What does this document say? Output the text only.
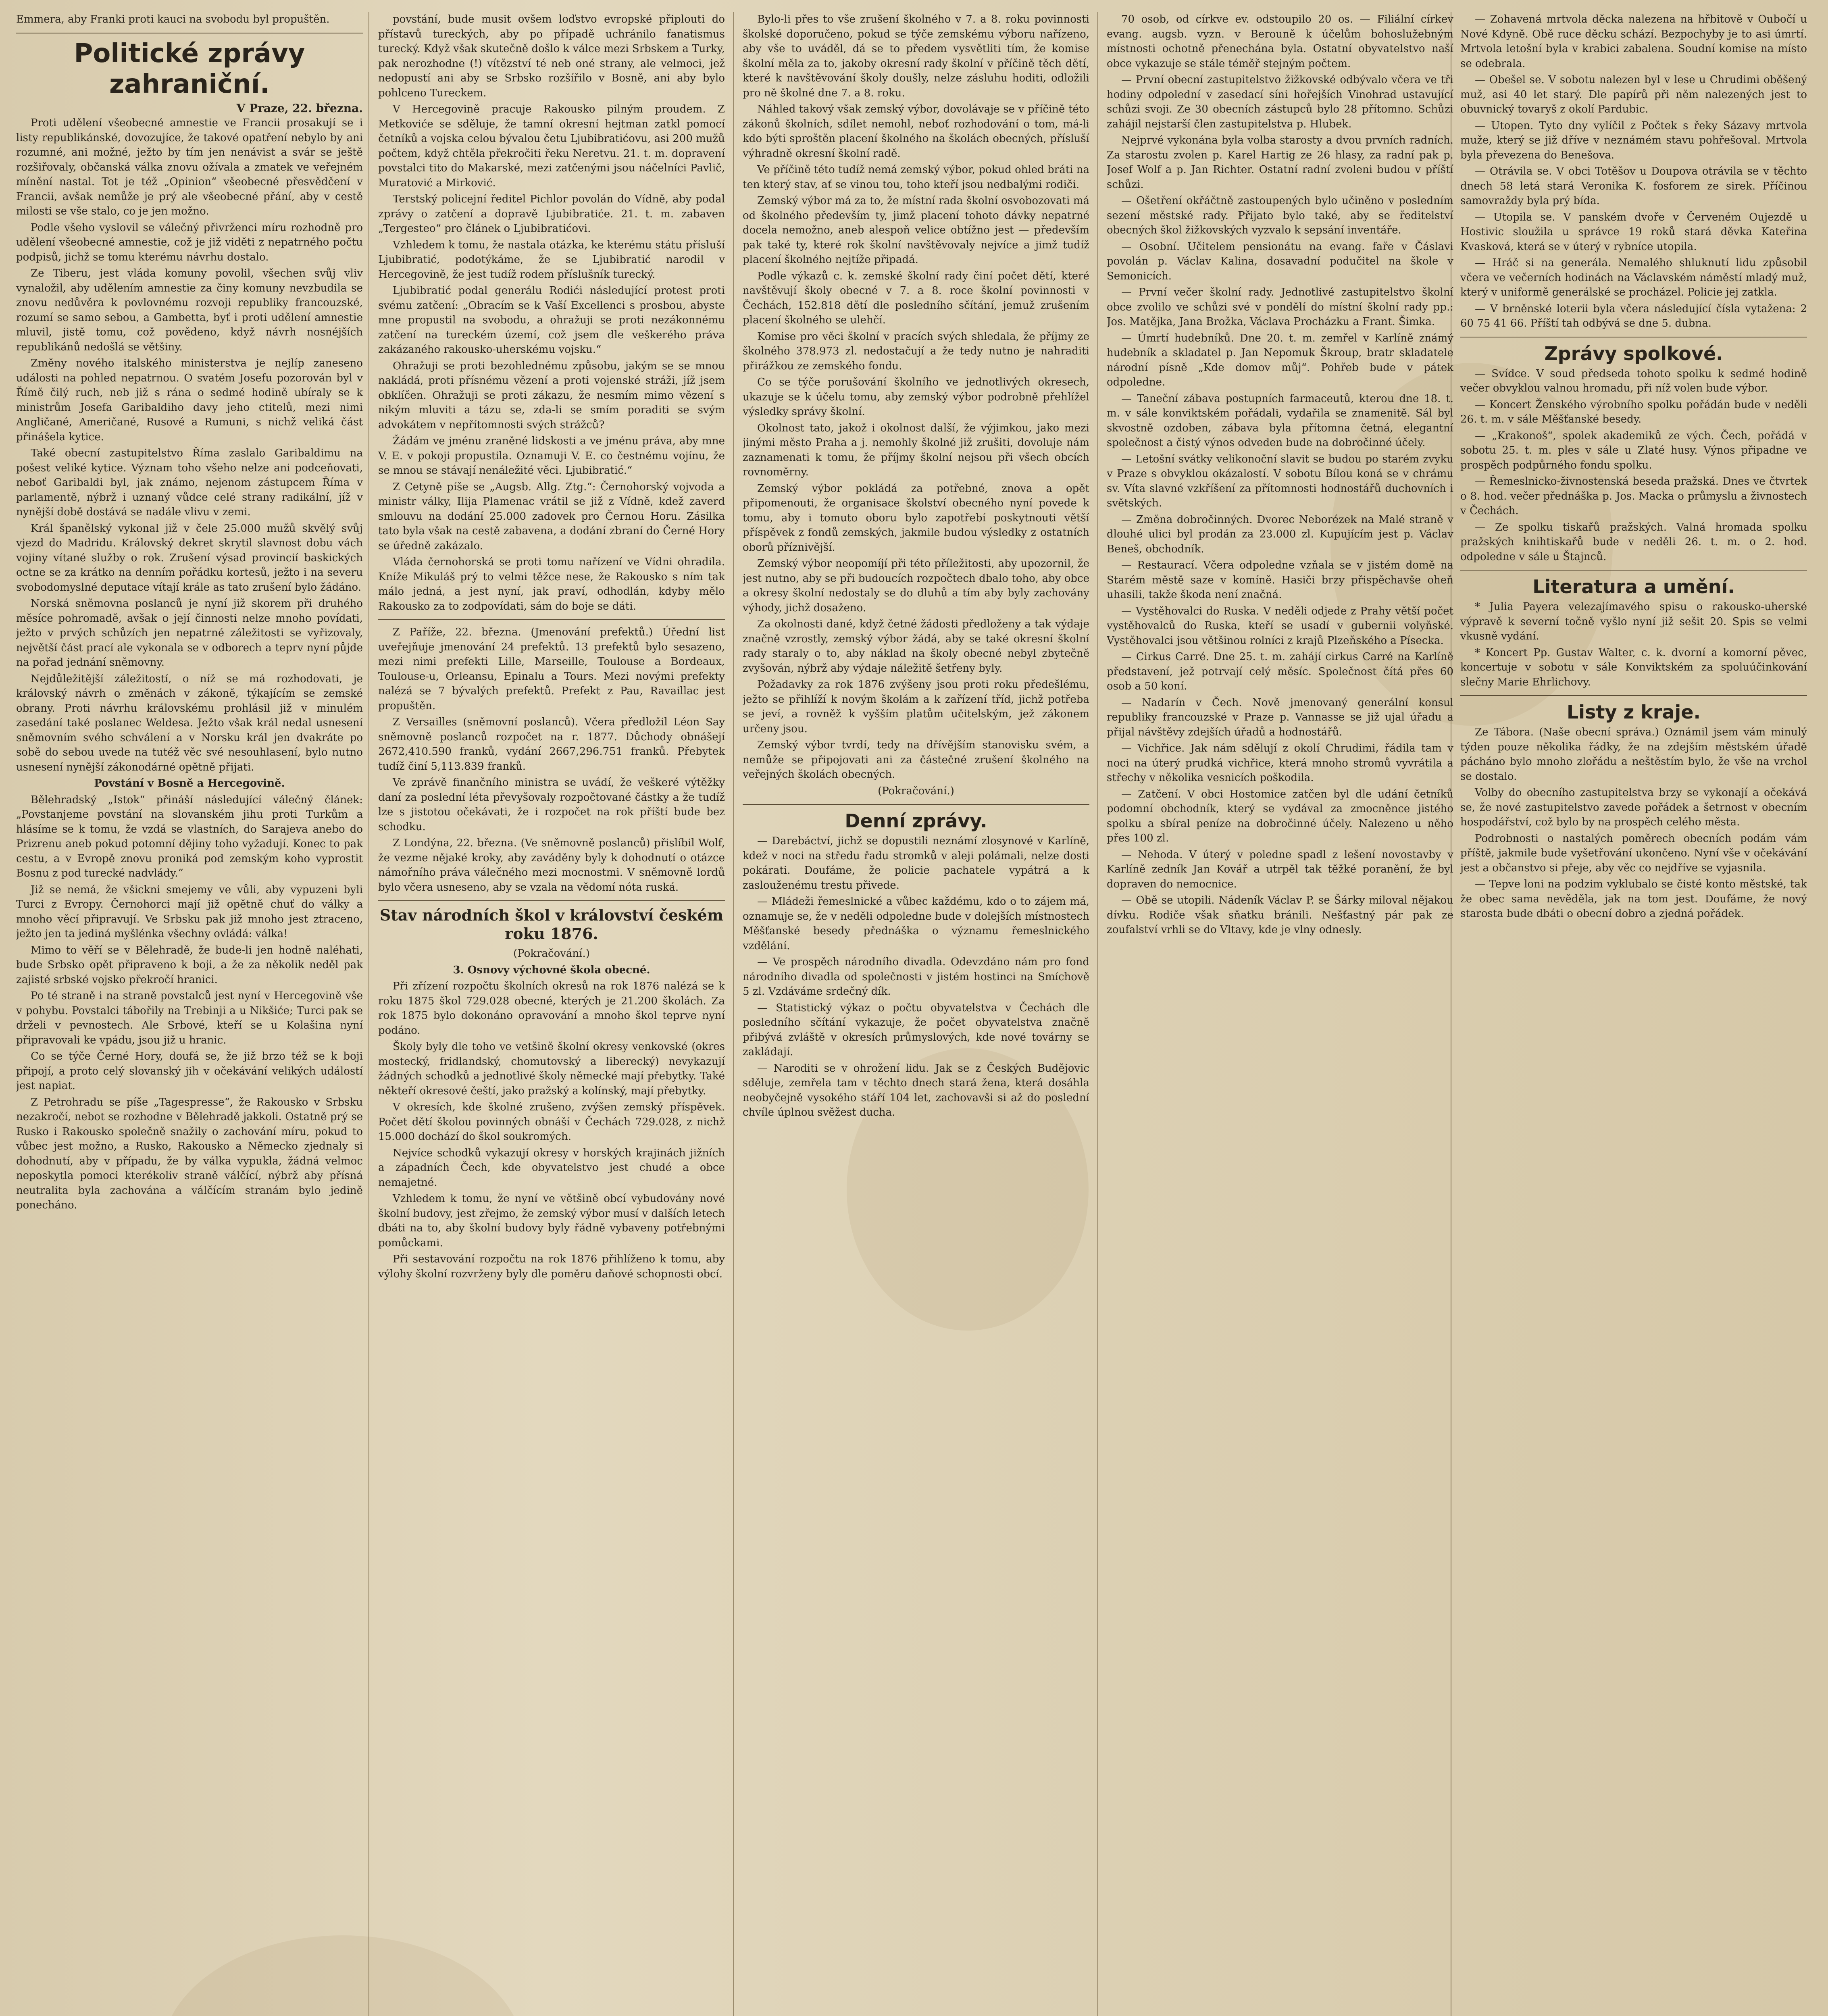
Emmera, aby Franki proti kauci na svobodu byl propuštěn.

Politické zprávy zahraniční.
V Praze, 22. března.

Proti udělení všeobecné amnestie ve Francii prosakují se i listy republikánské, dovozujíce, že takové opatření nebylo by ani rozumné, ani možné, ježto by tím jen nenávist a svár se ještě rozšiřovaly, občanská válka znovu ožívala a zmatek ve veřejném mínění nastal. Tot je též „Opinion“ všeobecné přesvědčení v Francii, avšak nemůže je prý ale všeobecné přání, aby v cestě milosti se vše stalo, co je jen možno.

Podle všeho vyslovil se válečný přivrženci míru rozhodně pro udělení všeobecné amnestie, což je již viděti z nepatrného počtu podpisů, jichž se tomu kterému návrhu dostalo.

Ze Tiberu, jest vláda komuny povolil, všechen svůj vliv vynaložil, aby udělením amnestie za činy komuny nevzbudila se znovu nedůvěra k povlovnému rozvoji republiky francouzské, rozumí se samo sebou, a Gambetta, byť i proti udělení amnestie mluvil, jistě tomu, což povědeno, když návrh nosnéjších republikánů nedošlá se většiny.

Změny nového italského ministerstva je nejlíp zaneseno události na pohled nepatrnou. O svatém Josefu pozorován byl v Římě čilý ruch, neb již s rána o sedmé hodině ubíraly se k ministrům Josefa Garibaldiho davy jeho ctitelů, mezi nimi Angličané, Američané, Rusové a Rumuni, s nichž veliká část přinášela kytice.

Také obecní zastupitelstvo Říma zaslalo Garibaldimu na pošest veliké kytice. Význam toho všeho nelze ani podceňovati, neboť Garibaldi byl, jak známo, nejenom zástupcem Říma v parlamentě, nýbrž i uznaný vůdce celé strany radikální, jíž v nynější době dostává se nadále vlivu v zemi.

Král španělský vykonal již v čele 25.000 mužů skvělý svůj vjezd do Madridu. Královský dekret skrytil slavnost dobu vách vojiny vítané služby o rok. Zrušení výsad provincií baskických octne se za krátko na denním pořádku kortesů, ježto i na severu svobodomyslné deputace vítají krále as tato zrušení bylo žádáno.

Norská sněmovna poslanců je nyní již skorem při druhého měsíce pohromadě, avšak o její činnosti nelze mnoho povídati, ježto v prvých schůzích jen nepatrné záležitosti se vyřizovaly, největší část prací ale vykonala se v odborech a teprv nyní půjde na pořad jednání sněmovny.

Nejdůležitější záležitostí, o níž se má rozhodovati, je královský návrh o změnách v zákoně, týkajícím se zemské obrany. Proti návrhu královskému prohlásil již v minulém zasedání také poslanec Weldesa. Ježto však král nedal usnesení sněmovním svého schválení a v Norsku král jen dvakráte po sobě do sebou uvede na tutéž věc své nesouhlasení, bylo nutno usnesení nynější zákonodárné opětně přijati.

Povstání v Bosně a Hercegovině.

Bělehradský „Istok“ přináší následující válečný článek: „Povstanjeme povstání na slovanském jihu proti Turkům a hlásíme se k tomu, že vzdá se vlastních, do Sarajeva anebo do Prizrenu aneb pokud potomní dějiny toho vyžadují. Konec to pak cestu, a v Evropě znovu proniká pod zemským koho vyprostit Bosnu z pod turecké nadvlády.“

Již se nemá, že všickni smejemy ve vůli, aby vypuzeni byli Turci z Evropy. Černohorci mají již opětně chuť do války a mnoho věcí připravují. Ve Srbsku pak již mnoho jest ztraceno, ježto jen ta jediná myšlénka všechny ovládá: válka!

Mimo to věří se v Bělehradě, že bude-li jen hodně naléhati, bude Srbsko opět připraveno k boji, a že za několik neděl pak zajisté srbské vojsko překročí hranici.

Po té straně i na straně povstalců jest nyní v Hercegovině vše v pohybu. Povstalci tábořily na Trebinji a u Nikšiće; Turci pak se drželi v pevnostech. Ale Srbové, kteří se u Kolašina nyní připravovali ke vpádu, jsou již u hranic.

Co se týče Černé Hory, doufá se, že již brzo též se k boji připojí, a proto celý slovanský jih v očekávání velikých událostí jest napiat.

Z Petrohradu se píše „Tagespresse“, že Rakousko v Srbsku nezakročí, nebot se rozhodne v Bělehradě jakkoli. Ostatně prý se Rusko i Rakousko společně snažily o zachování míru, pokud to vůbec jest možno, a Rusko, Rakousko a Německo zjednaly si dohodnutí, aby v případu, že by válka vypukla, žádná velmoc neposkytla pomoci kterékoliv straně válčící, nýbrž aby přísná neutralita byla zachována a válčícím stranám bylo jedině ponecháno.

povstání, bude musit ovšem loďstvo evropské připlouti do přístavů tureckých, aby po případě uchránilo fanatismus turecký. Když však skutečně došlo k válce mezi Srbskem a Turky, pak nerozhodne (!) vítězství té neb oné strany, ale velmoci, jež nedopustí ani aby se Srbsko rozšířilo v Bosně, ani aby bylo pohlceno Tureckem.

V Hercegovině pracuje Rakousko pilným proudem. Z Metkoviće se sděluje, že tamní okresní hejtman zatkl pomocí četníků a vojska celou bývalou četu Ljubibratićovu, asi 200 mužů počtem, když chtěla překročiti řeku Neretvu. 21. t. m. dopravení povstalci tito do Makarské, mezi zatčenými jsou náčelníci Pavlič, Muratović a Mirković.

Terstský policejní ředitel Pichlor povolán do Vídně, aby podal zprávy o zatčení a dopravě Ljubibratiće. 21. t. m. zabaven „Tergesteo“ pro článek o Ljubibratićovi.

Vzhledem k tomu, že nastala otázka, ke kterému státu přísluší Ljubibratić, podotýkáme, že se Ljubibratić narodil v Hercegovině, že jest tudíž rodem příslušník turecký.

Ljubibratić podal generálu Rodići následující protest proti svému zatčení: „Obracím se k Vaší Excellenci s prosbou, abyste mne propustil na svobodu, a ohražuji se proti nezákonnému zatčení na tureckém území, což jsem dle veškerého práva zakázaného rakousko-uherskému vojsku.“

Ohražuji se proti bezohlednému způsobu, jakým se se mnou nakládá, proti přísnému vězení a proti vojenské stráži, jíž jsem obklíčen. Ohražuji se proti zákazu, že nesmím mimo vězení s nikým mluviti a tázu se, zda-li se smím poraditi se svým advokátem v nepřítomnosti svých strážců?

Žádám ve jménu zraněné lidskosti a ve jménu práva, aby mne V. E. v pokoji propustila. Oznamuji V. E. co čestnému vojínu, že se mnou se stávají nenáležité věci. Ljubibratić.“

Z Cetyně píše se „Augsb. Allg. Ztg.“: Černohorský vojvoda a ministr války, Ilija Plamenac vrátil se již z Vídně, kdež zaverd smlouvu na dodání 25.000 zadovek pro Černou Horu. Zásilka tato byla však na cestě zabavena, a dodání zbraní do Černé Hory se úředně zakázalo.

Vláda černohorská se proti tomu nařízení ve Vídni ohradila. Kníže Mikuláš prý to velmi těžce nese, že Rakousko s ním tak málo jedná, a jest nyní, jak praví, odhodlán, kdyby mělo Rakousko za to zodpovídati, sám do boje se dáti.

Z Paříže, 22. března. (Jmenování prefektů.) Úřední list uveřejňuje jmenování 24 prefektů. 13 prefektů bylo sesazeno, mezi nimi prefekti Lille, Marseille, Toulouse a Bordeaux, Toulouse-u, Orleansu, Epinalu a Tours. Mezi novými prefekty nalézá se 7 bývalých prefektů. Prefekt z Pau, Ravaillac jest propuštěn.

Z Versailles (sněmovní poslanců). Včera předložil Léon Say sněmovně poslanců rozpočet na r. 1877. Důchody obnášejí 2672,410.590 franků, vydání 2667,296.751 franků. Přebytek tudíž činí 5,113.839 franků.

Ve zprávě finančního ministra se uvádí, že veškeré výtěžky daní za poslední léta převyšovaly rozpočtované částky a že tudíž lze s jistotou očekávati, že i rozpočet na rok příští bude bez schodku.

Z Londýna, 22. března. (Ve sněmovně poslanců) přislíbil Wolf, že vezme nějaké kroky, aby zaváděny byly k dohodnutí o otázce námořního práva válečného mezi mocnostmi. V sněmovně lordů bylo včera usneseno, aby se vzala na vědomí nóta ruská.

Stav národních škol v království českém roku 1876.

(Pokračování.)

3. Osnovy výchovné škola obecné.

Při zřízení rozpočtu školních okresů na rok 1876 nalézá se k roku 1875 škol 729.028 obecné, kterých je 21.200 školách. Za rok 1875 bylo dokonáno opravování a mnoho škol teprve nyní podáno.

Školy byly dle toho ve vetšině školní okresy venkovské (okres mostecký, fridlandský, chomutovský a liberecký) nevykazují žádných schodků a jednotlivé školy německé mají přebytky. Také někteří okresové čeští, jako pražský a kolínský, mají přebytky.

V okresích, kde školné zrušeno, zvýšen zemský příspěvek. Počet dětí školou povinných obnáší v Čechách 729.028, z nichž 15.000 dochází do škol soukromých.

Nejvíce schodků vykazují okresy v horských krajinách jižních a západních Čech, kde obyvatelstvo jest chudé a obce nemajetné.

Vzhledem k tomu, že nyní ve většině obcí vybudovány nové školní budovy, jest zřejmo, že zemský výbor musí v dalších letech dbáti na to, aby školní budovy byly řádně vybaveny potřebnými pomůckami.

Při sestavování rozpočtu na rok 1876 přihlíženo k tomu, aby výlohy školní rozvrženy byly dle poměru daňové schopnosti obcí.

Bylo-li přes to vše zrušení školného v 7. a 8. roku povinnosti školské doporučeno, pokud se týče zemskému výboru nařízeno, aby vše to uváděl, dá se to předem vysvětliti tím, že komise školní měla za to, jakoby okresní rady školní v příčině těch dětí, které k navštěvování školy doušly, nelze zásluhu hoditi, odložili pro ně školné dne 7. a 8. roku.

Náhled takový však zemský výbor, dovolávaje se v příčině této zákonů školních, sdílet nemohl, neboť rozhodování o tom, má-li kdo býti sproštěn placení školného na školách obecných, přísluší výhradně okresní školní radě.

Ve příčině této tudíž nemá zemský výbor, pokud ohled bráti na ten který stav, ať se vinou tou, toho kteří jsou nedbalými rodiči.

Zemský výbor má za to, že místní rada školní osvobozovati má od školného především ty, jimž placení tohoto dávky nepatrné docela nemožno, aneb alespoň velice obtížno jest — především pak také ty, které rok školní navštěvovaly nejvíce a jimž tudíž placení školného nejtíže připadá.

Podle výkazů c. k. zemské školní rady činí počet dětí, které navštěvují školy obecné v 7. a 8. roce školní povinnosti v Čechách, 152.818 dětí dle posledního sčítání, jemuž zrušením placení školného se ulehčí.

Komise pro věci školní v pracích svých shledala, že příjmy ze školného 378.973 zl. nedostačují a že tedy nutno je nahraditi přirážkou ze zemského fondu.

Co se týče porušování školního ve jednotlivých okresech, ukazuje se k účelu tomu, aby zemský výbor podrobně přehlížel výsledky správy školní.

Okolnost tato, jakož i okolnost další, že výjimkou, jako mezi jinými město Praha a j. nemohly školné již zrušiti, dovoluje nám zaznamenati k tomu, že příjmy školní nejsou při všech obcích rovnoměrny.

Zemský výbor pokládá za potřebné, znova a opět připomenouti, že organisace školství obecného nyní povede k tomu, aby i tomuto oboru bylo zapotřebí poskytnouti větší příspěvek z fondů zemských, jakmile budou výsledky z ostatních oborů příznivější.

Zemský výbor neopomíjí při této příležitosti, aby upozornil, že jest nutno, aby se při budoucích rozpočtech dbalo toho, aby obce a okresy školní nedostaly se do dluhů a tím aby byly zachovány výhody, jichž dosaženo.

Za okolnosti dané, když četné žádosti předloženy a tak výdaje značně vzrostly, zemský výbor žádá, aby se také okresní školní rady staraly o to, aby náklad na školy obecné nebyl zbytečně zvyšován, nýbrž aby výdaje náležitě šetřeny byly.

Požadavky za rok 1876 zvýšeny jsou proti roku předešlému, ježto se přihlíží k novým školám a k zařízení tříd, jichž potřeba se jeví, a rovněž k vyšším platům učitelským, jež zákonem určeny jsou.

Zemský výbor tvrdí, tedy na dřívějším stanovisku svém, a nemůže se připojovati ani za částečné zrušení školného na veřejných školách obecných.

(Pokračování.)

Denní zprávy.

— Darebáctví, jichž se dopustili neznámí zlosynové v Karlíně, kdež v noci na středu řadu stromků v aleji polámali, nelze dosti pokárati. Doufáme, že policie pachatele vypátrá a k zaslouženému trestu přivede.

— Mládeži řemeslnické a vůbec každému, kdo o to zájem má, oznamuje se, že v neděli odpoledne bude v dolejších místnostech Měšťanské besedy přednáška o významu řemeslnického vzdělání.

— Ve prospěch národního divadla. Odevzdáno nám pro fond národního divadla od společnosti v jistém hostinci na Smíchově 5 zl. Vzdáváme srdečný dík.

— Statistický výkaz o počtu obyvatelstva v Čechách dle posledního sčítání vykazuje, že počet obyvatelstva značně přibývá zvláště v okresích průmyslových, kde nové továrny se zakládají.

— Naroditi se v ohrožení lidu. Jak se z Českých Budějovic sděluje, zemřela tam v těchto dnech stará žena, která dosáhla neobyčejně vysokého stáří 104 let, zachovavši si až do poslední chvíle úplnou svěžest ducha.

70 osob, od církve ev. odstoupilo 20 os. — Filiální církev evang. augsb. vyzn. v Berouně k účelům bohoslužebným místnosti ochotně přenechána byla. Ostatní obyvatelstvo naší obce vykazuje se stále téměř stejným počtem.

— První obecní zastupitelstvo žižkovské odbývalo včera ve tři hodiny odpolední v zasedací síni hořejších Vinohrad ustavující schůzi svoji. Ze 30 obecních zástupců bylo 28 přítomno. Schůzi zahájil nejstarší člen zastupitelstva p. Hlubek.

Nejprvé vykonána byla volba starosty a dvou prvních radních. Za starostu zvolen p. Karel Hartig ze 26 hlasy, za radní pak p. Josef Wolf a p. Jan Richter. Ostatní radní zvoleni budou v příští schůzi.

— Ošetření okřáčtně zastoupených bylo učiněno v posledním sezení městské rady. Přijato bylo také, aby se ředitelství obecných škol žižkovských vyzvalo k sepsání inventáře.

— Osobní. Učitelem pensionátu na evang. faře v Čáslavi povolán p. Václav Kalina, dosavadní podučitel na škole v Semonicích.

— První večer školní rady. Jednotlivé zastupitelstvo školní obce zvolilo ve schůzi své v pondělí do místní školní rady pp.: Jos. Matějka, Jana Brožka, Václava Procházku a Frant. Šimka.

— Úmrtí hudebníků. Dne 20. t. m. zemřel v Karlíně známý hudebník a skladatel p. Jan Nepomuk Škroup, bratr skladatele národní písně „Kde domov můj“. Pohřeb bude v pátek odpoledne.

— Taneční zábava postupních farmaceutů, kterou dne 18. t. m. v sále konviktském pořádali, vydařila se znamenitě. Sál byl skvostně ozdoben, zábava byla přítomna četná, elegantní společnost a čistý výnos odveden bude na dobročinné účely.

— Letošní svátky velikonoční slavit se budou po starém zvyku v Praze s obvyklou okázalostí. V sobotu Bílou koná se v chrámu sv. Víta slavné vzkříšení za přítomnosti hodnostářů duchovních i světských.

— Změna dobročinných. Dvorec Neborézek na Malé straně v dlouhé ulici byl prodán za 23.000 zl. Kupujícím jest p. Václav Beneš, obchodník.

— Restaurací. Včera odpoledne vzňala se v jistém domě na Starém městě saze v komíně. Hasiči brzy přispěchavše oheň uhasili, takže škoda není značná.

— Vystěhovalci do Ruska. V neděli odjede z Prahy větší počet vystěhovalců do Ruska, kteří se usadí v gubernii volyňské. Vystěhovalci jsou většinou rolníci z krajů Plzeňského a Písecka.

— Cirkus Carré. Dne 25. t. m. zahájí cirkus Carré na Karlíně představení, jež potrvají celý měsíc. Společnost čítá přes 60 osob a 50 koní.

— Nadarín v Čech. Nově jmenovaný generální konsul republiky francouzské v Praze p. Vannasse se již ujal úřadu a přijal návštěvy zdejších úřadů a hodnostářů.

— Vichřice. Jak nám sdělují z okolí Chrudimi, řádila tam v noci na úterý prudká vichřice, která mnoho stromů vyvrátila a střechy v několika vesnicích poškodila.

— Zatčení. V obci Hostomice zatčen byl dle udání četníků podomní obchodník, který se vydával za zmocněnce jistého spolku a sbíral peníze na dobročinné účely. Nalezeno u něho přes 100 zl.

— Nehoda. V úterý v poledne spadl z lešení novostavby v Karlíně zedník Jan Kovář a utrpěl tak těžké poranění, že byl dopraven do nemocnice.

— Obě se utopili. Nádeník Václav P. se Šárky miloval nějakou dívku. Rodiče však sňatku bránili. Nešťastný pár pak ze zoufalství vrhli se do Vltavy, kde je vlny odnesly.

— Zohavená mrtvola děcka nalezena na hřbitově v Oubočí u Nové Kdyně. Obě ruce děcku schází. Bezpochyby je to asi úmrtí. Mrtvola letošní byla v krabici zabalena. Soudní komise na místo se odebrala.

— Obešel se. V sobotu nalezen byl v lese u Chrudimi oběšený muž, asi 40 let starý. Dle papírů při něm nalezených jest to obuvnický tovaryš z okolí Pardubic.

— Utopen. Tyto dny vylíčil z Počtek s řeky Sázavy mrtvola muže, který se již dříve v neznámém stavu pohřešoval. Mrtvola byla převezena do Benešova.

— Otrávila se. V obci Totěšov u Doupova otrávila se v těchto dnech 58 letá stará Veronika K. fosforem ze sirek. Příčinou samovraždy byla prý bída.

— Utopila se. V panském dvoře v Červeném Oujezdě u Hostivic sloužila u správce 19 roků stará děvka Kateřina Kvasková, která se v úterý v rybníce utopila.

— Hráč si na generála. Nemalého shluknutí lidu způsobil včera ve večerních hodinách na Václavském náměstí mladý muž, který v uniformě generálské se procházel. Policie jej zatkla.

— V brněnské loterii byla včera následující čísla vytažena: 2 60 75 41 66. Příští tah odbývá se dne 5. dubna.

Zprávy spolkové.

— Svídce. V soud předseda tohoto spolku k sedmé hodině večer obvyklou valnou hromadu, při níž volen bude výbor.

— Koncert Ženského výrobního spolku pořádán bude v neděli 26. t. m. v sále Měšťanské besedy.

— „Krakonoš“, spolek akademiků ze vých. Čech, pořádá v sobotu 25. t. m. ples v sále u Zlaté husy. Výnos připadne ve prospěch podpůrného fondu spolku.

— Řemeslnicko-živnostenská beseda pražská. Dnes ve čtvrtek o 8. hod. večer přednáška p. Jos. Macka o průmyslu a živnostech v Čechách.

— Ze spolku tiskařů pražských. Valná hromada spolku pražských knihtiskařů bude v neděli 26. t. m. o 2. hod. odpoledne v sále u Štajnců.

Literatura a umění.

* Julia Payera velezajímavého spisu o rakousko-uherské výpravě k severní točně vyšlo nyní již sešit 20. Spis se velmi vkusně vydání.

* Koncert Pp. Gustav Walter, c. k. dvorní a komorní pěvec, koncertuje v sobotu v sále Konviktském za spoluúčinkování slečny Marie Ehrlichovy.

Listy z kraje.

Ze Tábora. (Naše obecní správa.) Oznámil jsem vám minulý týden pouze několika řádky, že na zdejším městském úřadě pácháno bylo mnoho zlořádu a neštěstím bylo, že vše na vrchol se dostalo.

Volby do obecního zastupitelstva brzy se vykonají a očekává se, že nové zastupitelstvo zavede pořádek a šetrnost v obecním hospodářství, což bylo by na prospěch celého města.

Podrobnosti o nastalých poměrech obecních podám vám příště, jakmile bude vyšetřování ukončeno. Nyní vše v očekávání jest a občanstvo si přeje, aby věc co nejdříve se vyjasnila.

— Tepve loni na podzim vyklubalo se čisté konto městské, tak že obec sama nevěděla, jak na tom jest. Doufáme, že nový starosta bude dbáti o obecní dobro a zjedná pořádek.
